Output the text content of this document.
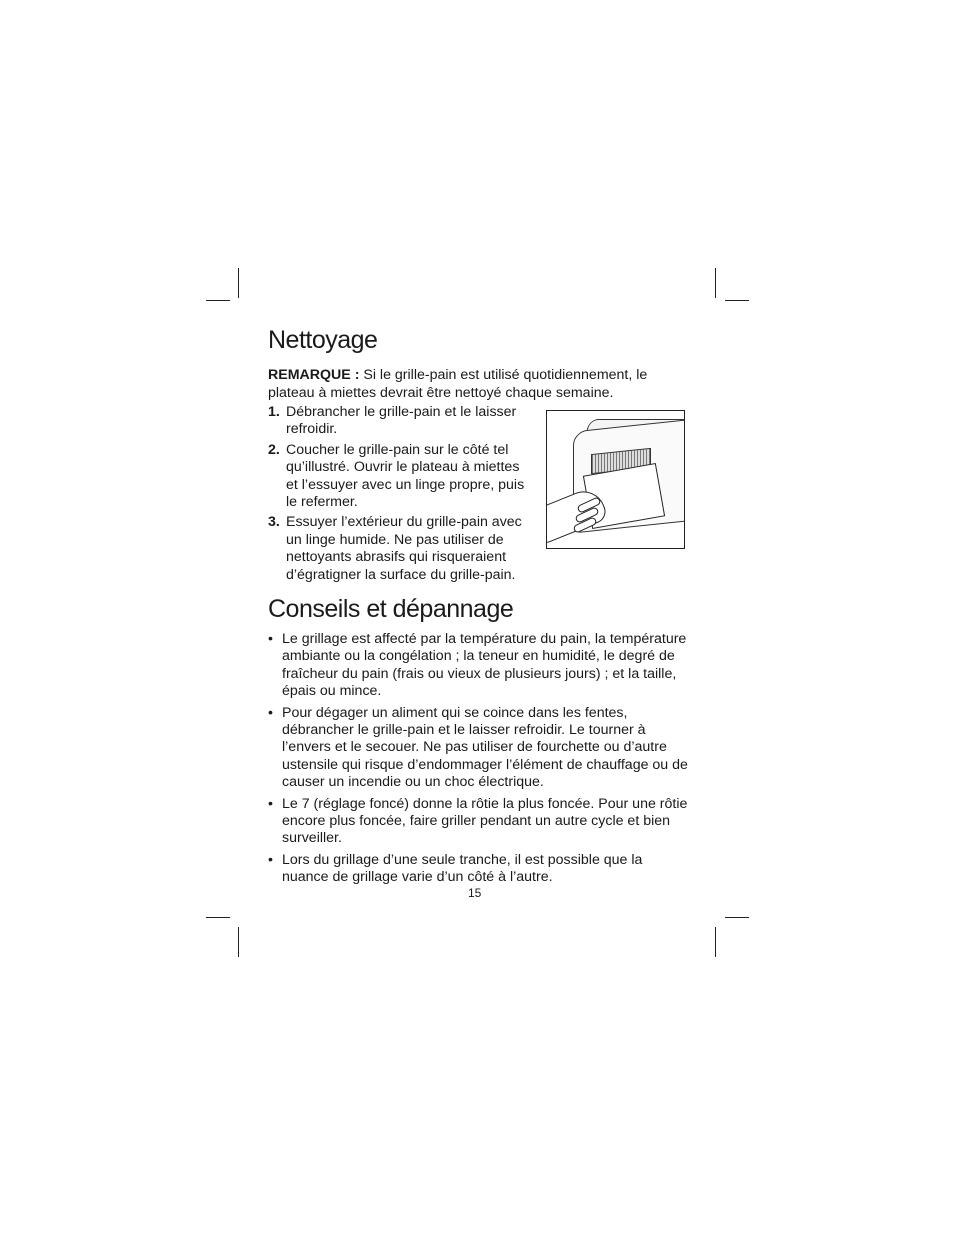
Nettoyage

REMARQUE : Si le grille-pain est utilisé quotidiennement, le plateau à miettes devrait être nettoyé chaque semaine.

1. Débrancher le grille-pain et le laisser refroidir.
2. Coucher le grille-pain sur le côté tel qu’illustré. Ouvrir le plateau à miettes et l’essuyer avec un linge propre, puis le refermer.
3. Essuyer l’extérieur du grille-pain avec un linge humide. Ne pas utiliser de nettoyants abrasifs qui risqueraient d’égratigner la surface du grille-pain.
Conseils et dépannage
• Le grillage est affecté par la température du pain, la température ambiante ou la congélation ; la teneur en humidité, le degré de fraîcheur du pain (frais ou vieux de plusieurs jours) ; et la taille, épais ou mince.
• Pour dégager un aliment qui se coince dans les fentes, débrancher le grille-pain et le laisser refroidir. Le tourner à l’envers et le secouer. Ne pas utiliser de fourchette ou d’autre ustensile qui risque d’endommager l’élément de chauffage ou de causer un incendie ou un choc électrique.
• Le 7 (réglage foncé) donne la rôtie la plus foncée. Pour une rôtie encore plus foncée, faire griller pendant un autre cycle et bien surveiller.
• Lors du grillage d’une seule tranche, il est possible que la nuance de grillage varie d’un côté à l’autre.
15
